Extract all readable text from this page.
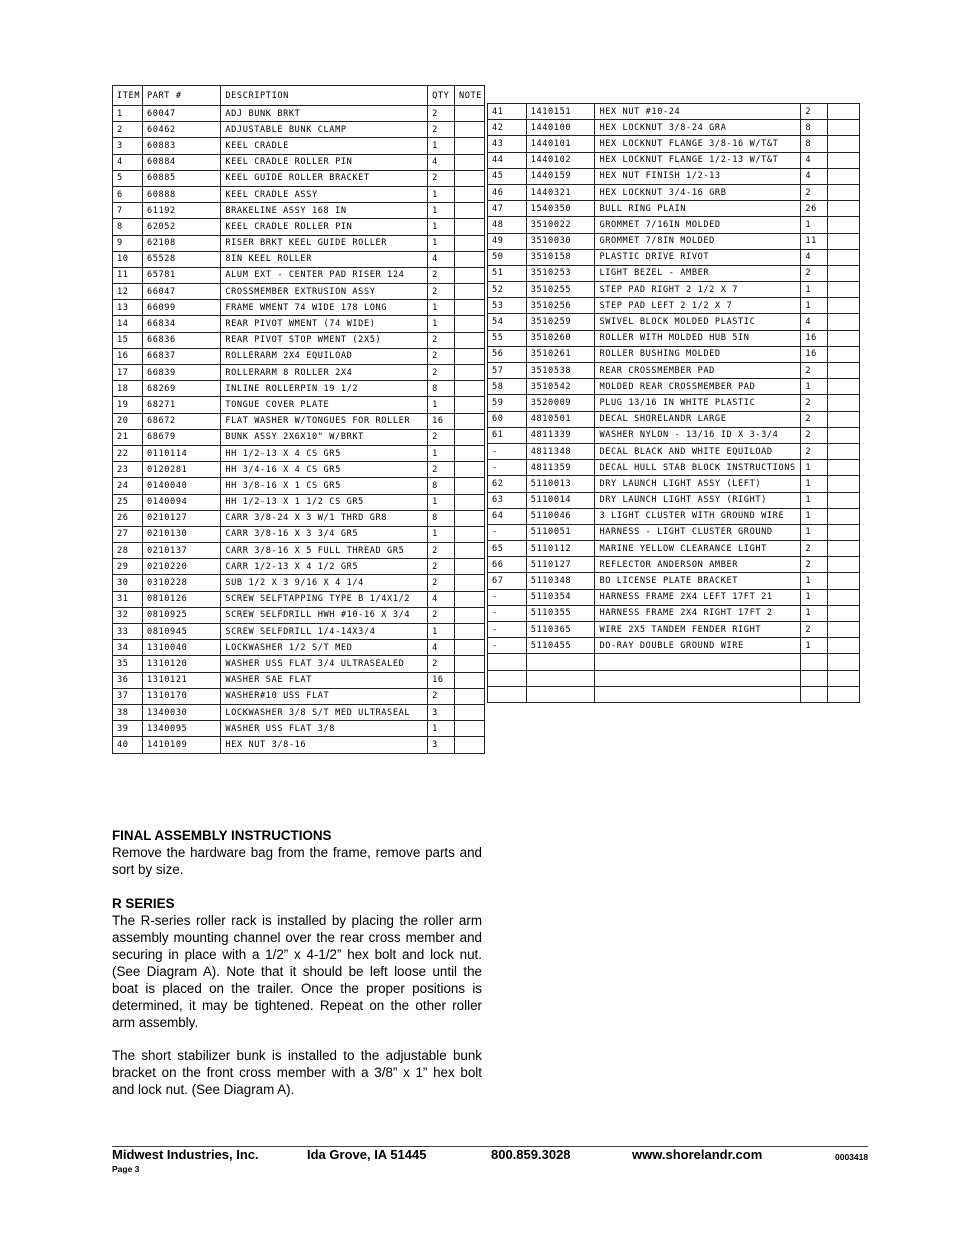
ITEM	PART #	DESCRIPTION	QTY	NOTE
1	60047	ADJ BUNK BRKT	2	
2	60462	ADJUSTABLE BUNK CLAMP	2	
3	60883	KEEL CRADLE	1	
4	60884	KEEL CRADLE ROLLER PIN	4	
5	60885	KEEL GUIDE ROLLER BRACKET	2	
6	60888	KEEL CRADLE ASSY	1	
7	61192	BRAKELINE ASSY 168 IN	1	
8	62052	KEEL CRADLE ROLLER PIN	1	
9	62108	RISER BRKT KEEL GUIDE ROLLER	1	
10	65528	8IN KEEL ROLLER	4	
11	65781	ALUM EXT - CENTER PAD RISER 124	2	
12	66047	CROSSMEMBER EXTRUSION ASSY	2	
13	66099	FRAME WMENT 74 WIDE 178 LONG	1	
14	66834	REAR PIVOT WMENT (74 WIDE)	1	
15	66836	REAR PIVOT STOP WMENT (2X5)	2	
16	66837	ROLLERARM 2X4 EQUILOAD	2	
17	66839	ROLLERARM 8 ROLLER 2X4	2	
18	68269	INLINE ROLLERPIN 19 1/2	8	
19	68271	TONGUE COVER PLATE	1	
20	68672	FLAT WASHER W/TONGUES FOR ROLLER	16	
21	68679	BUNK ASSY 2X6X10" W/BRKT	2	
22	0110114	HH 1/2-13 X 4 CS GR5	1	
23	0120281	HH 3/4-16 X 4 CS GR5	2	
24	0140040	HH 3/8-16 X 1 CS GR5	8	
25	0140094	HH 1/2-13 X 1 1/2 CS GR5	1	
26	0210127	CARR 3/8-24 X 3 W/1 THRD GR8	8	
27	0210130	CARR 3/8-16 X 3 3/4 GR5	1	
28	0210137	CARR 3/8-16 X 5 FULL THREAD GR5	2	
29	0210220	CARR 1/2-13 X 4 1/2 GR5	2	
30	0310228	SUB 1/2 X 3 9/16 X 4 1/4	2	
31	0810126	SCREW SELFTAPPING TYPE B 1/4X1/2	4	
32	0810925	SCREW SELFDRILL HWH #10-16 X 3/4	2	
33	0810945	SCREW SELFDRILL 1/4-14X3/4	1	
34	1310040	LOCKWASHER 1/2 S/T MED	4	
35	1310120	WASHER USS FLAT 3/4 ULTRASEALED	2	
36	1310121	WASHER SAE FLAT	16	
37	1310170	WASHER#10 USS FLAT	2	
38	1340030	LOCKWASHER 3/8 S/T MED ULTRASEAL	3	
39	1340095	WASHER USS FLAT 3/8	1	
40	1410109	HEX NUT 3/8-16	3	
41	1410151	HEX NUT #10-24	2	
42	1440100	HEX LOCKNUT 3/8-24 GRA	8	
43	1440101	HEX LOCKNUT FLANGE 3/8-16 W/T&T	8	
44	1440102	HEX LOCKNUT FLANGE 1/2-13 W/T&T	4	
45	1440159	HEX NUT FINISH 1/2-13	4	
46	1440321	HEX LOCKNUT 3/4-16 GRB	2	
47	1540350	BULL RING PLAIN	26	
48	3510022	GROMMET 7/16IN MOLDED	1	
49	3510030	GROMMET 7/8IN MOLDED	11	
50	3510158	PLASTIC DRIVE RIVOT	4	
51	3510253	LIGHT BEZEL - AMBER	2	
52	3510255	STEP PAD RIGHT 2 1/2 X 7	1	
53	3510256	STEP PAD LEFT 2 1/2 X 7	1	
54	3510259	SWIVEL BLOCK MOLDED PLASTIC	4	
55	3510260	ROLLER WITH MOLDED HUB 5IN	16	
56	3510261	ROLLER BUSHING MOLDED	16	
57	3510538	REAR CROSSMEMBER PAD	2	
58	3510542	MOLDED REAR CROSSMEMBER PAD	1	
59	3520009	PLUG 13/16 IN WHITE PLASTIC	2	
60	4810501	DECAL SHORELANDR LARGE	2	
61	4811339	WASHER NYLON - 13/16 ID X 3-3/4	2	
-	4811348	DECAL BLACK AND WHITE EQUILOAD	2	
-	4811359	DECAL HULL STAB BLOCK INSTRUCTIONS	1	
62	5110013	DRY LAUNCH LIGHT ASSY (LEFT)	1	
63	5110014	DRY LAUNCH LIGHT ASSY (RIGHT)	1	
64	5110046	3 LIGHT CLUSTER WITH GROUND WIRE	1	
-	5110051	HARNESS - LIGHT CLUSTER GROUND	1	
65	5110112	MARINE YELLOW CLEARANCE LIGHT	2	
66	5110127	REFLECTOR ANDERSON AMBER	2	
67	5110348	BO LICENSE PLATE BRACKET	1	
-	5110354	HARNESS FRAME 2X4 LEFT 17FT 21	1	
-	5110355	HARNESS FRAME 2X4 RIGHT 17FT 2	1	
-	5110365	WIRE 2X5 TANDEM FENDER RIGHT	2	
-	5110455	DO-RAY DOUBLE GROUND WIRE	1	

FINAL ASSEMBLY INSTRUCTIONS

Remove the hardware bag from the frame, remove parts and sort by size.

R SERIES

The R-series roller rack is installed by placing the roller arm assembly mounting channel over the rear cross member and securing in place with a 1/2” x 4-1/2” hex bolt and lock nut. (See Diagram A). Note that it should be left loose until the boat is placed on the trailer. Once the proper positions is determined, it may be tightened. Repeat on the other roller arm assembly.

The short stabilizer bunk is installed to the adjustable bunk bracket on the front cross member with a 3/8” x 1” hex bolt and lock nut. (See Diagram A).

Midwest Industries, Inc.	Ida Grove, IA 51445	800.859.3028	www.shorelandr.com	0003418
Page 3
